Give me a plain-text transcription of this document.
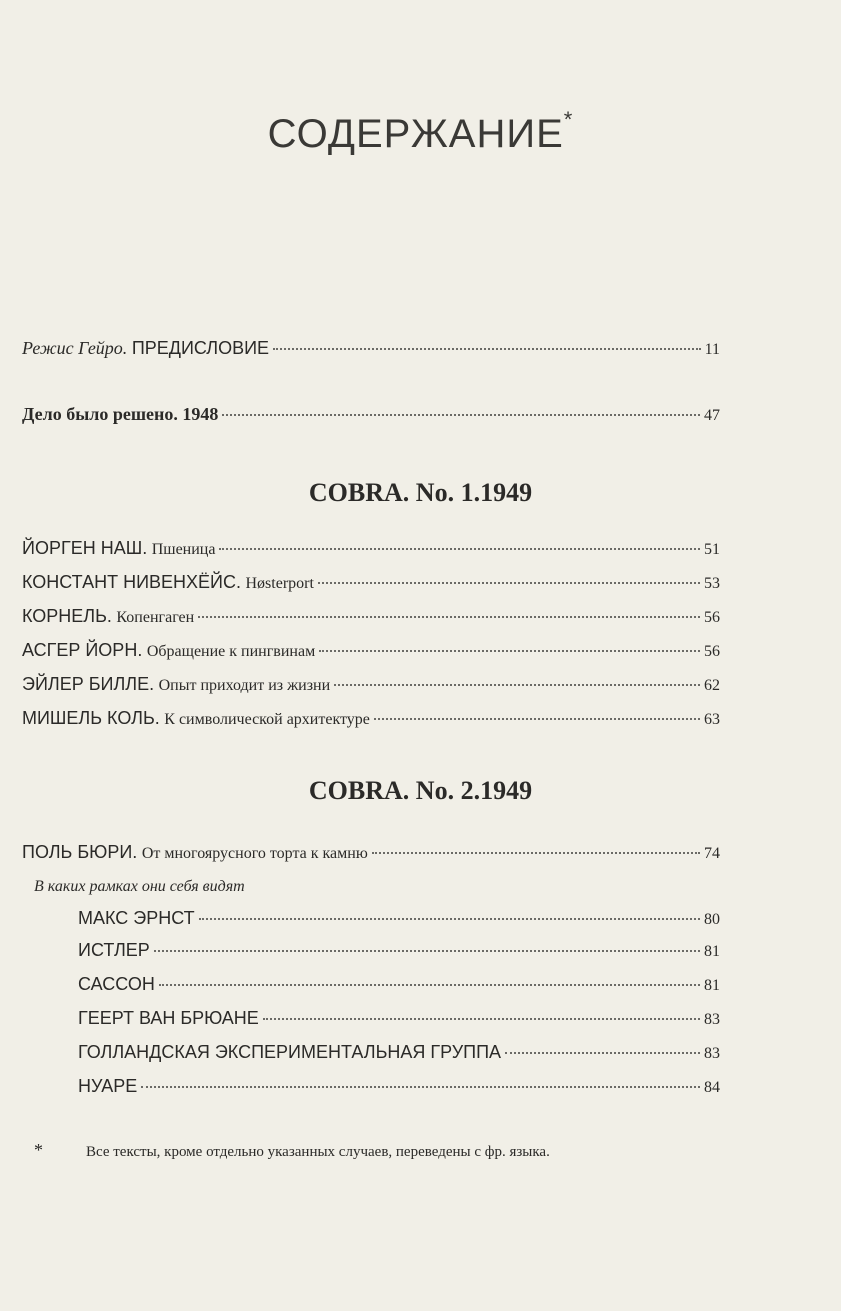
СОДЕРЖАНИЕ*
Режис Гейро. ПРЕДИСЛОВИЕ	11
Дело было решено. 1948	47
COBRA. No. 1.1949
ЙОРГЕН НАШ. Пшеница	51
КОНСТАНТ НИВЕНХЁЙС. Høsterport	53
КОРНЕЛЬ. Копенгаген	56
АСГЕР ЙОРН. Обращение к пингвинам	56
ЭЙЛЕР БИЛЛЕ. Опыт приходит из жизни	62
МИШЕЛЬ КОЛЬ. К символической архитектуре	63
COBRA. No. 2.1949
ПОЛЬ БЮРИ. От многоярусного торта к камню	74
В каких рамках они себя видят
МАКС ЭРНСТ	80
ИСТЛЕР	81
САССОН	81
ГЕЕРТ ВАН БРЮАНЕ	83
ГОЛЛАНДСКАЯ ЭКСПЕРИМЕНТАЛЬНАЯ ГРУППА	83
НУАРЕ	84
*	Все тексты, кроме отдельно указанных случаев, переведены с фр. языка.
